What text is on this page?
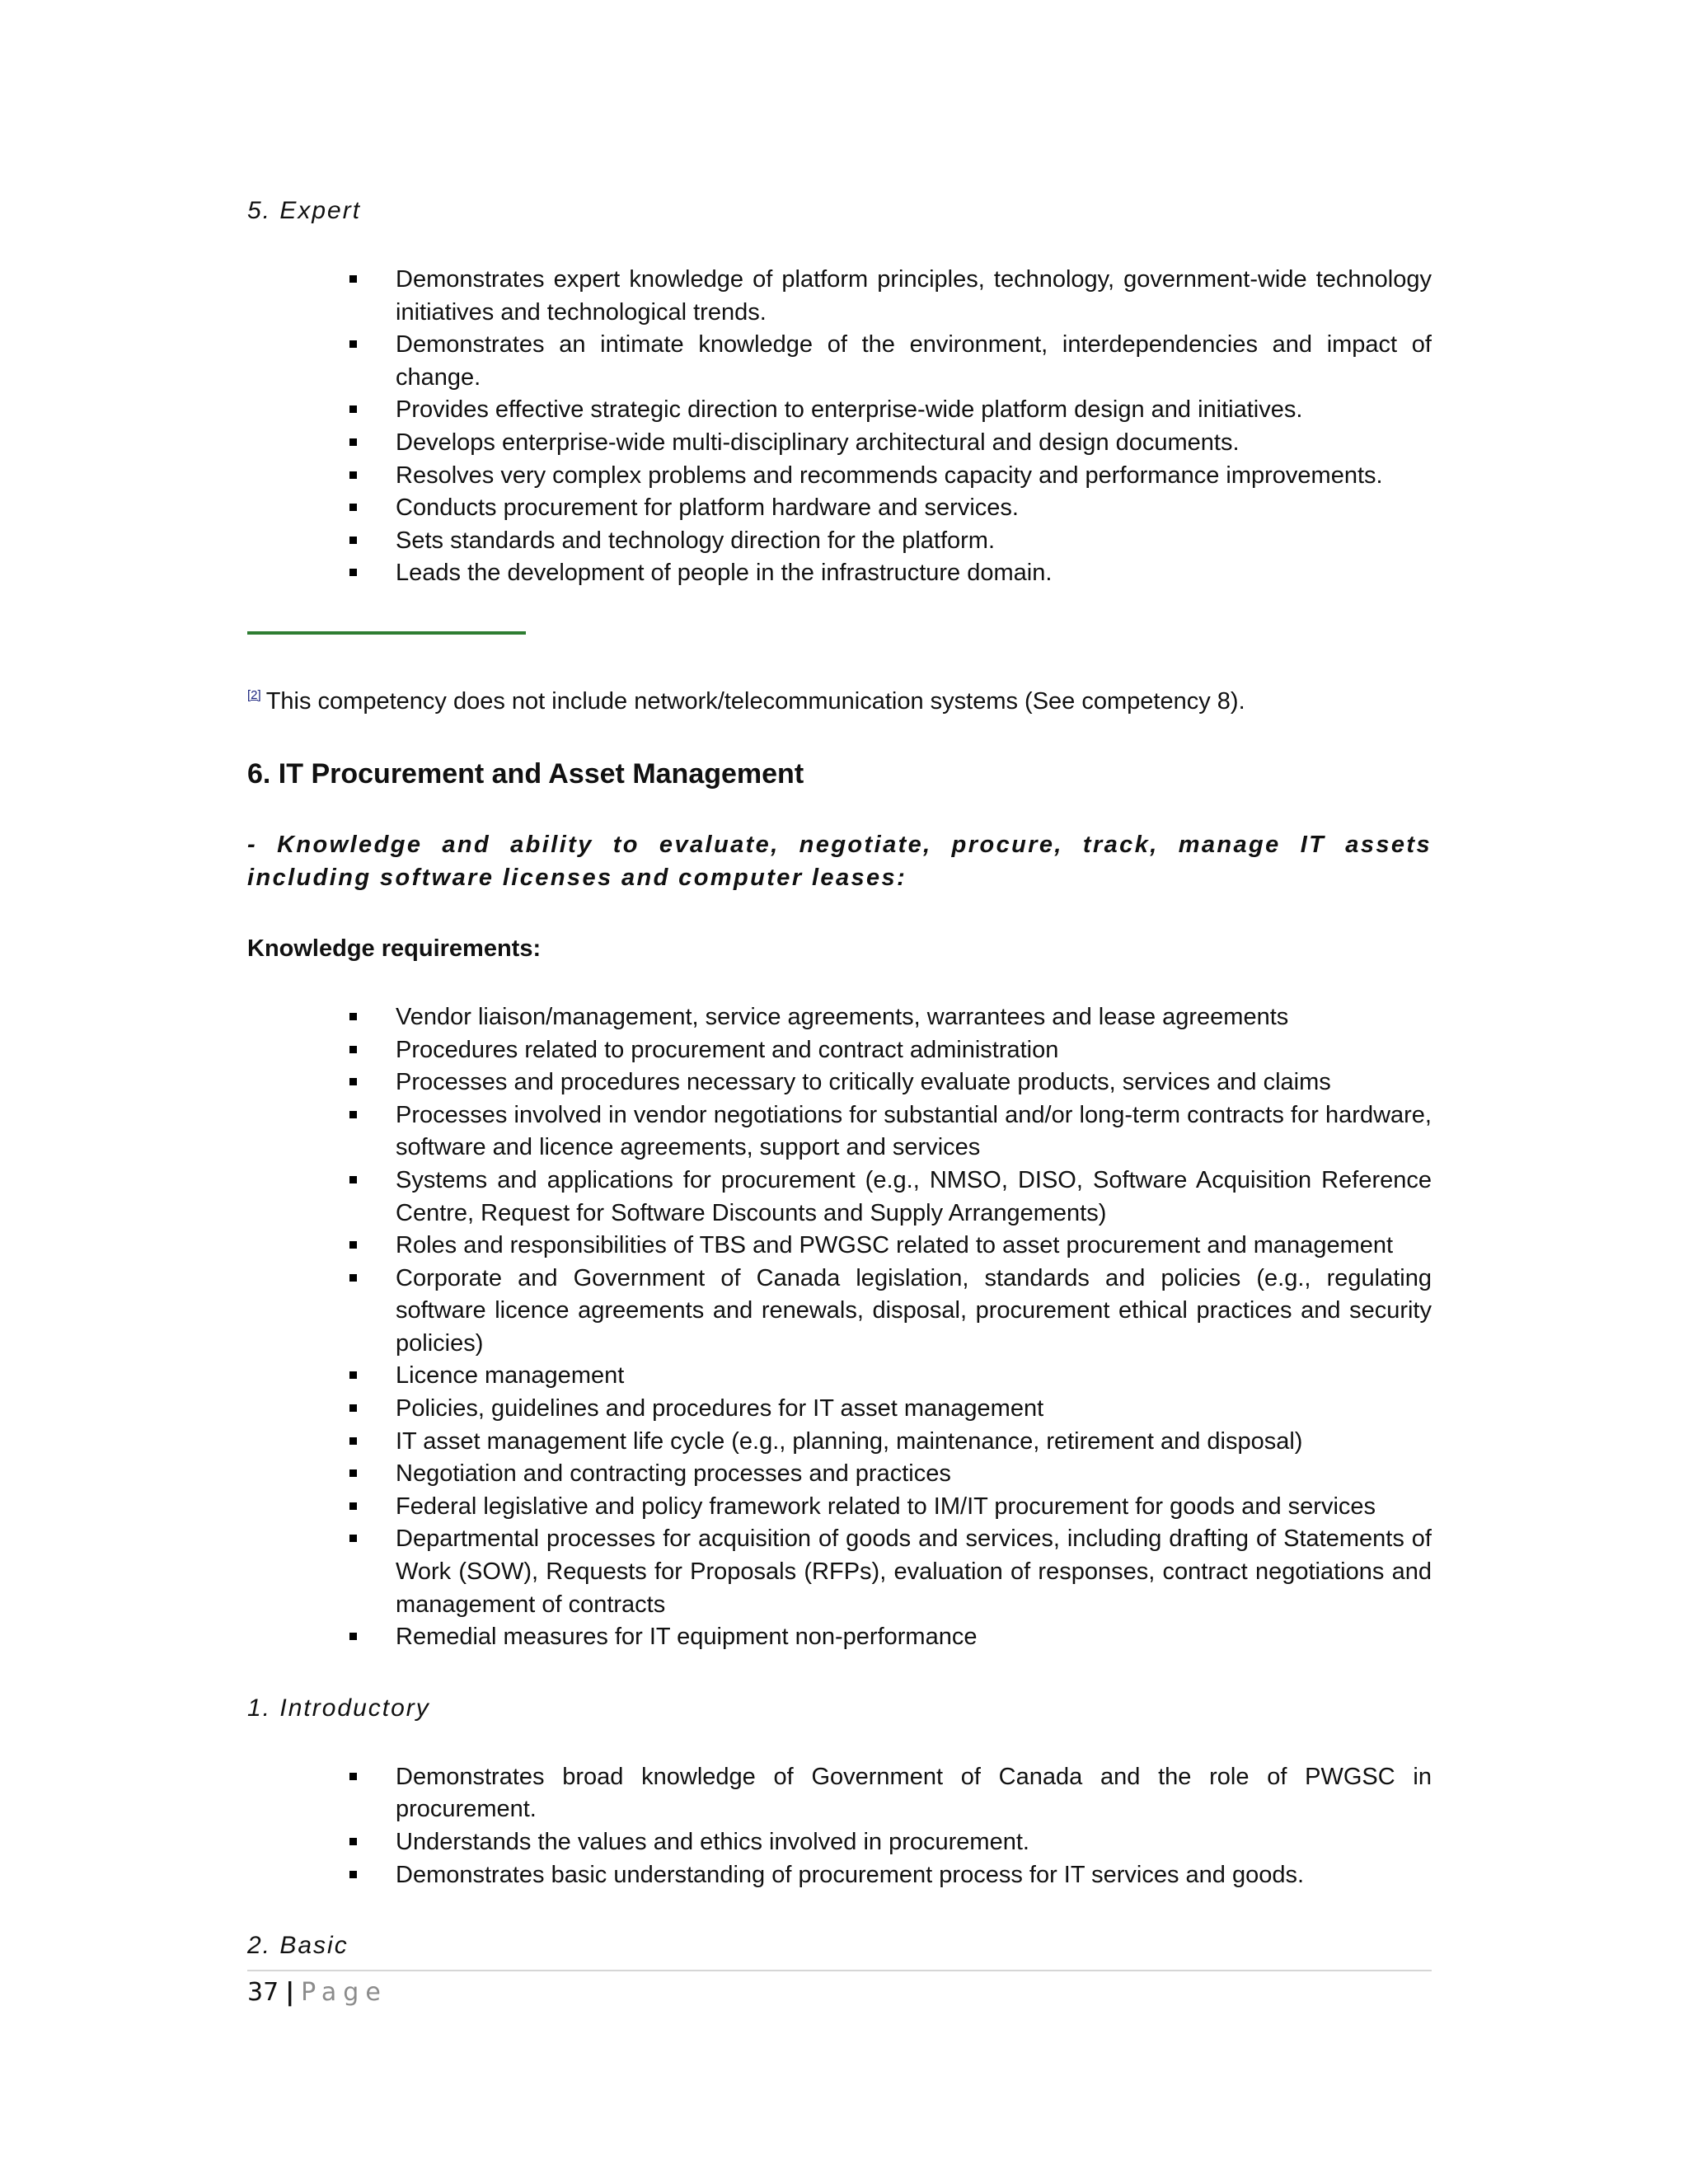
5. Expert

Demonstrates expert knowledge of platform principles, technology, government-wide technology initiatives and technological trends.
Demonstrates an intimate knowledge of the environment, interdependencies and impact of change.
Provides effective strategic direction to enterprise-wide platform design and initiatives.
Develops enterprise-wide multi-disciplinary architectural and design documents.
Resolves very complex problems and recommends capacity and performance improvements.
Conducts procurement for platform hardware and services.
Sets standards and technology direction for the platform.
Leads the development of people in the infrastructure domain.
[2] This competency does not include network/telecommunication systems (See competency 8).

6. IT Procurement and Asset Management

- Knowledge and ability to evaluate, negotiate, procure, track, manage IT assets including software licenses and computer leases:

Knowledge requirements:

Vendor liaison/management, service agreements, warrantees and lease agreements
Procedures related to procurement and contract administration
Processes and procedures necessary to critically evaluate products, services and claims
Processes involved in vendor negotiations for substantial and/or long-term contracts for hardware, software and licence agreements, support and services
Systems and applications for procurement (e.g., NMSO, DISO, Software Acquisition Reference Centre, Request for Software Discounts and Supply Arrangements)
Roles and responsibilities of TBS and PWGSC related to asset procurement and management
Corporate and Government of Canada legislation, standards and policies (e.g., regulating software licence agreements and renewals, disposal, procurement ethical practices and security policies)
Licence management
Policies, guidelines and procedures for IT asset management
IT asset management life cycle (e.g., planning, maintenance, retirement and disposal)
Negotiation and contracting processes and practices
Federal legislative and policy framework related to IM/IT procurement for goods and services
Departmental processes for acquisition of goods and services, including drafting of Statements of Work (SOW), Requests for Proposals (RFPs), evaluation of responses, contract negotiations and management of contracts
Remedial measures for IT equipment non-performance

1. Introductory

Demonstrates broad knowledge of Government of Canada and the role of PWGSC in procurement.
Understands the values and ethics involved in procurement.
Demonstrates basic understanding of procurement process for IT services and goods.

2. Basic

37 | Page
